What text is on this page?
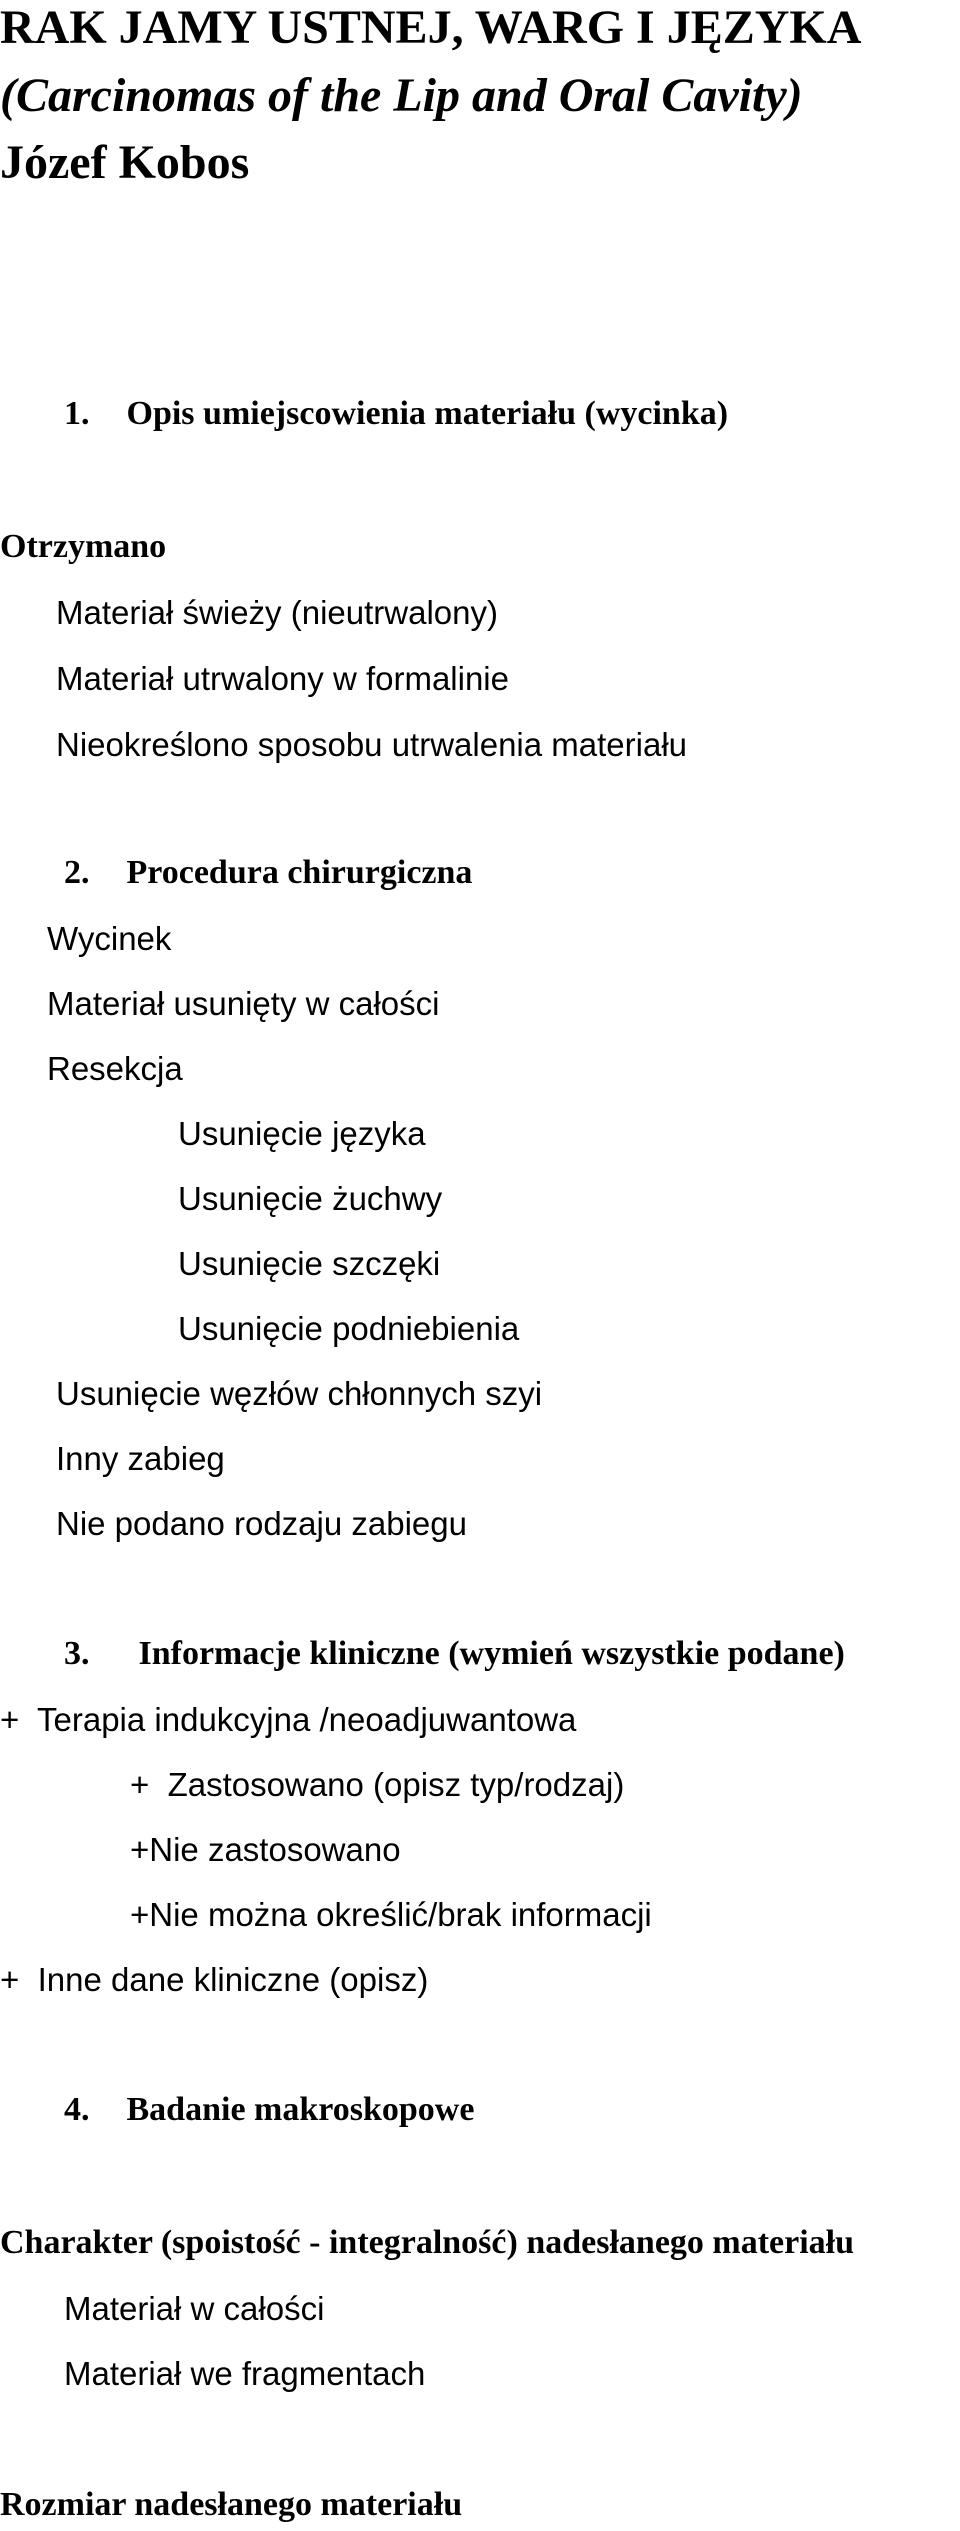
RAK JAMY USTNEJ, WARG I JĘZYKA
(Carcinomas of the Lip and Oral Cavity)
Józef Kobos
1. Opis umiejscowienia materiału (wycinka)
Otrzymano
Materiał świeży (nieutrwalony)
Materiał utrwalony w formalinie
Nieokreślono sposobu utrwalenia materiału
2. Procedura chirurgiczna
Wycinek
Materiał usunięty w całości
Resekcja
Usunięcie języka
Usunięcie żuchwy
Usunięcie szczęki
Usunięcie podniebienia
Usunięcie węzłów chłonnych szyi
Inny zabieg
Nie podano rodzaju zabiegu
3. Informacje kliniczne (wymień wszystkie podane)
+  Terapia indukcyjna /neoadjuwantowa
+  Zastosowano (opisz typ/rodzaj)
+Nie zastosowano
+Nie można określić/brak informacji
+  Inne dane kliniczne (opisz)
4. Badanie makroskopowe
Charakter (spoistość - integralność) nadesłanego materiału
Materiał w całości
Materiał we fragmentach
Rozmiar nadesłanego materiału
